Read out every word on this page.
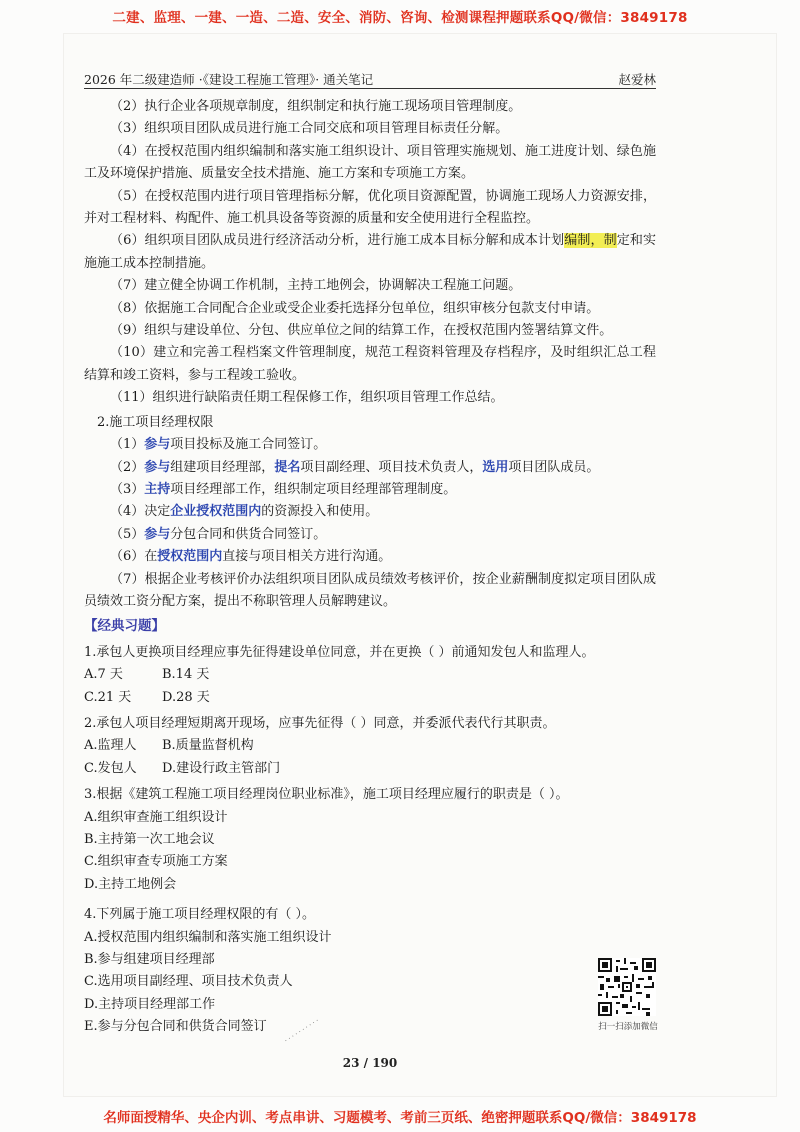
二建、监理、一建、一造、二造、安全、消防、咨询、检测课程押题联系QQ/微信：3849178
2026 年二级建造师 ·《建设工程施工管理》· 通关笔记	赵爱林

（2）执行企业各项规章制度，组织制定和执行施工现场项目管理制度。

（3）组织项目团队成员进行施工合同交底和项目管理目标责任分解。

（4）在授权范围内组织编制和落实施工组织设计、项目管理实施规划、施工进度计划、绿色施工及环境保护措施、质量安全技术措施、施工方案和专项施工方案。

（5）在授权范围内进行项目管理指标分解，优化项目资源配置，协调施工现场人力资源安排，并对工程材料、构配件、施工机具设备等资源的质量和安全使用进行全程监控。

（6）组织项目团队成员进行经济活动分析，进行施工成本目标分解和成本计划编制，制定和实施施工成本控制措施。

（7）建立健全协调工作机制，主持工地例会，协调解决工程施工问题。

（8）依据施工合同配合企业或受企业委托选择分包单位，组织审核分包款支付申请。

（9）组织与建设单位、分包、供应单位之间的结算工作，在授权范围内签署结算文件。

（10）建立和完善工程档案文件管理制度，规范工程资料管理及存档程序，及时组织汇总工程结算和竣工资料，参与工程竣工验收。

（11）组织进行缺陷责任期工程保修工作，组织项目管理工作总结。

2.施工项目经理权限

（1）参与项目投标及施工合同签订。

（2）参与组建项目经理部，提名项目副经理、项目技术负责人，选用项目团队成员。

（3）主持项目经理部工作，组织制定项目经理部管理制度。

（4）决定企业授权范围内的资源投入和使用。

（5）参与分包合同和供货合同签订。

（6）在授权范围内直接与项目相关方进行沟通。

（7）根据企业考核评价办法组织项目团队成员绩效考核评价，按企业薪酬制度拟定项目团队成员绩效工资分配方案，提出不称职管理人员解聘建议。

【经典习题】

1.承包人更换项目经理应事先征得建设单位同意，并在更换（ ）前通知发包人和监理人。

A.7 天	B.14 天
C.21 天	D.28 天

2.承包人项目经理短期离开现场，应事先征得（ ）同意，并委派代表代行其职责。

A.监理人	B.质量监督机构
C.发包人	D.建设行政主管部门

3.根据《建筑工程施工项目经理岗位职业标准》，施工项目经理应履行的职责是（ ）。

A.组织审查施工组织设计

B.主持第一次工地会议

C.组织审查专项施工方案

D.主持工地例会

4.下列属于施工项目经理权限的有（ ）。

A.授权范围内组织编制和落实施工组织设计

B.参与组建项目经理部

C.选用项目副经理、项目技术负责人

D.主持项目经理部工作

E.参与分包合同和供货合同签订	扫一扫添加微信
· · · · · · · · · ·
23 / 190
名师面授精华、央企内训、考点串讲、习题模考、考前三页纸、绝密押题联系QQ/微信：3849178
